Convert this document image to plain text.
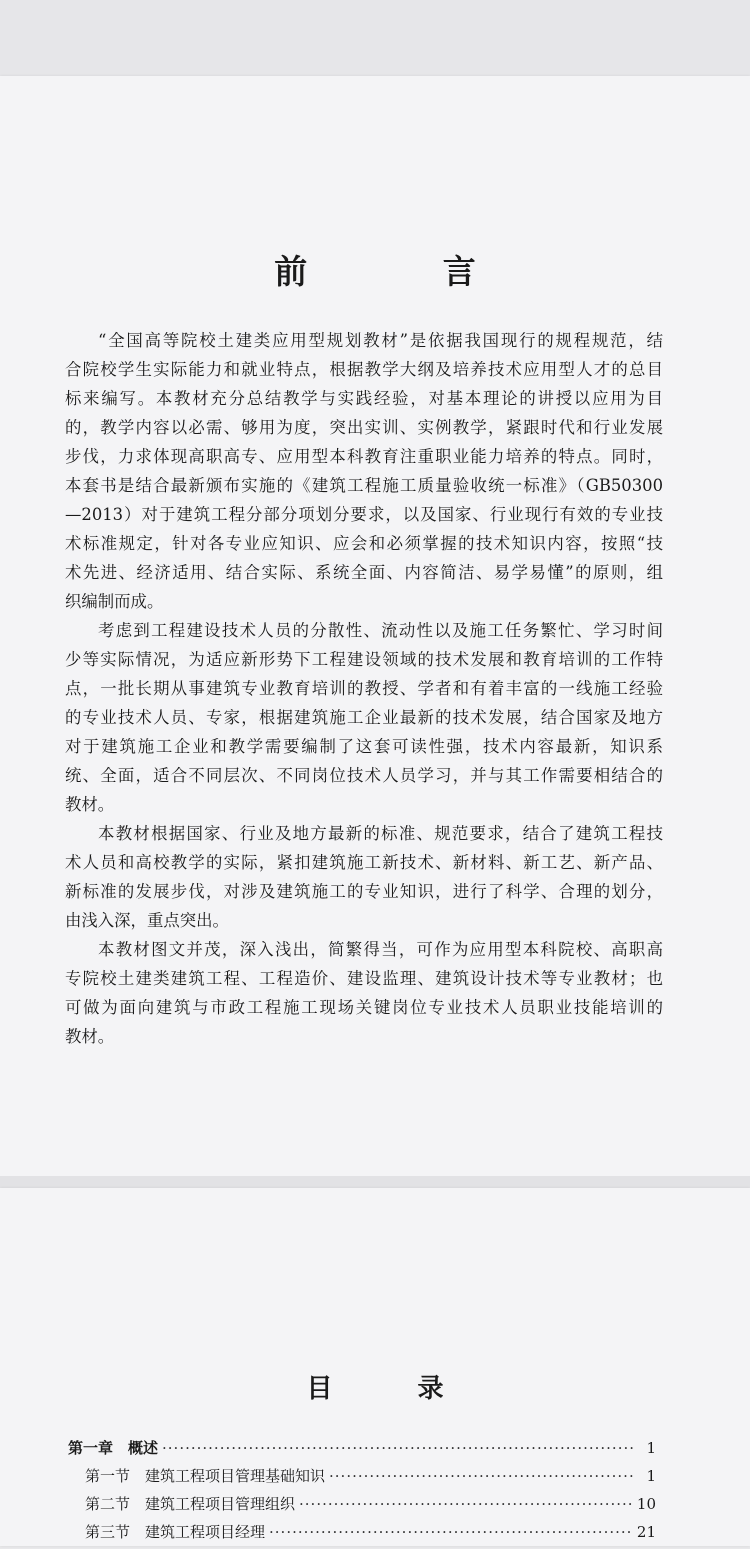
前 言
“全国高等院校土建类应用型规划教材”是依据我国现行的规程规范，结
合院校学生实际能力和就业特点，根据教学大纲及培养技术应用型人才的总目
标来编写。本教材充分总结教学与实践经验，对基本理论的讲授以应用为目
的，教学内容以必需、够用为度，突出实训、实例教学，紧跟时代和行业发展
步伐，力求体现高职高专、应用型本科教育注重职业能力培养的特点。同时，
本套书是结合最新颁布实施的《建筑工程施工质量验收统一标准》（GB50300
—2013）对于建筑工程分部分项划分要求，以及国家、行业现行有效的专业技
术标准规定，针对各专业应知识、应会和必须掌握的技术知识内容，按照“技
术先进、经济适用、结合实际、系统全面、内容简洁、易学易懂”的原则，组
织编制而成。
考虑到工程建设技术人员的分散性、流动性以及施工任务繁忙、学习时间
少等实际情况，为适应新形势下工程建设领域的技术发展和教育培训的工作特
点，一批长期从事建筑专业教育培训的教授、学者和有着丰富的一线施工经验
的专业技术人员、专家，根据建筑施工企业最新的技术发展，结合国家及地方
对于建筑施工企业和教学需要编制了这套可读性强，技术内容最新，知识系
统、全面，适合不同层次、不同岗位技术人员学习，并与其工作需要相结合的
教材。
本教材根据国家、行业及地方最新的标准、规范要求，结合了建筑工程技
术人员和高校教学的实际，紧扣建筑施工新技术、新材料、新工艺、新产品、
新标准的发展步伐，对涉及建筑施工的专业知识，进行了科学、合理的划分，
由浅入深，重点突出。
本教材图文并茂，深入浅出，简繁得当，可作为应用型本科院校、高职高
专院校土建类建筑工程、工程造价、建设监理、建筑设计技术等专业教材；也
可做为面向建筑与市政工程施工现场关键岗位专业技术人员职业技能培训的
教材。
目 录
第一章　概述 ·····	1
第一节　建筑工程项目管理基础知识 ·····	1
第二节　建筑工程项目管理组织 ·····	10
第三节　建筑工程项目经理 ·····	21
